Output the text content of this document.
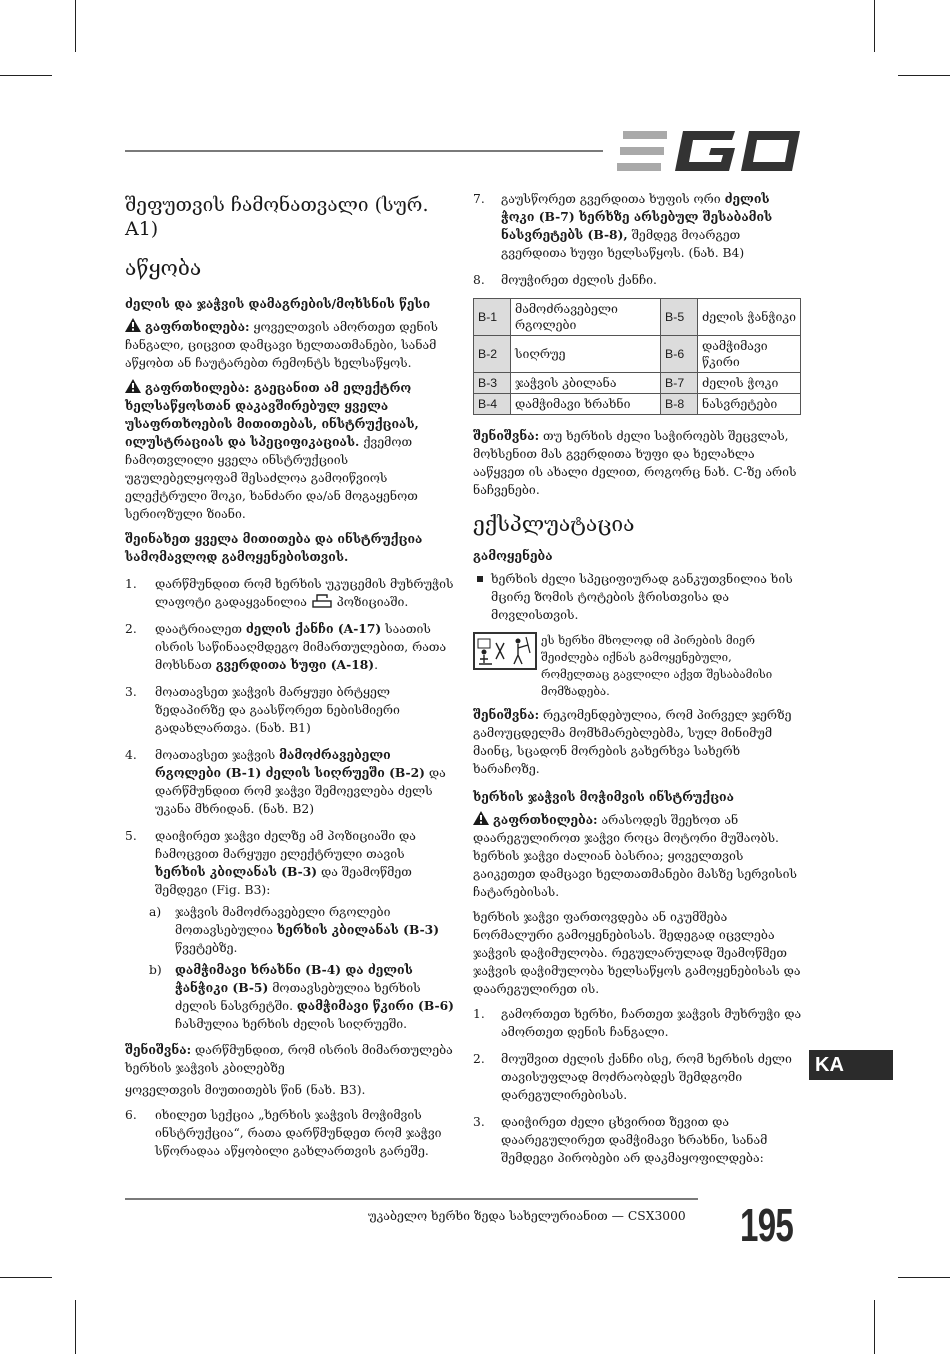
შეფუთვის ჩამონათვალი (სურ. A1)
აწყობა
ძელის და ჯაჭვის დამაგრების/მოხსნის წესი

გაფრთხილება: ყოველთვის ამორთეთ დენის ჩანგალი, ციცვით დამცავი ხელთათმანები, სანამ აწყობთ ან ჩაუტარებთ რემონტს ხელსაწყოს.

გაფრთხილება: გაეცანით ამ ელექტრო ხელსაწყოსთან დაკავშირებულ ყველა უსაფრთხოების მითითებას, ინსტრუქციას, ილუსტრაციას და სპეციფიკაციას. ქვემოთ ჩამოთვლილი ყველა ინსტრუქციის უგულებელყოფამ შესაძლოა გამოიწვიოს ელექტრული შოკი, ხანძარი და/ან მოგაყენოთ სერიოზული ზიანი.

შეინახეთ ყველა მითითება და ინსტრუქცია სამომავლოდ გამოყენებისთვის.

1. დარწმუნდით რომ ხერხის უკუცემის მუხრუჭის ლაფოტი გადაყვანილია  პოზიციაში.
2. დაატრიალეთ ძელის ქანჩი (A-17) საათის ისრის საწინააღმდეგო მიმართულებით, რათა მოხსნათ გვერდითა ხუფი (A-18).
3. მოათავსეთ ჯაჭვის მარყუჟი ბრტყელ ზედაპირზე და გაასწორეთ ნებისმიერი გადახლართვა. (ნახ. B1)
4. მოათავსეთ ჯაჭვის მამოძრავებელი რგოლები (B-1) ძელის სიღრუეში (B-2) და დარწმუნდით რომ ჯაჭვი შემოევლება ძელს უკანა მხრიდან. (ნახ. B2)
5. დაიჭირეთ ჯაჭვი ძელზე ამ პოზიციაში და ჩამოცვით მარყუჟი ელექტრული თავის ხერხის კბილანას (B-3) და შეამოწმეთ შემდეგი (Fig. B3):
a) ჯაჭვის მამოძრავებელი რგოლები მოთავსებულია ხერხის კბილანას (B-3) წვეტებზე.
b) დამჭიმავი ხრახნი (B-4) და ძელის ჭანჭიკი (B-5) მოთავსებულია ხერხის ძელის ნასვრეტში. დამჭიმავი წკირი (B-6) ჩასმულია ხერხის ძელის სიღრუეში.

შენიშვნა: დარწმუნდით, რომ ისრის მიმართულება ხერხის ჯაჭვის კბილებზე

ყოველთვის მიუთითებს წინ (ნახ. B3).

6. იხილეთ სექცია „ხერხის ჯაჭვის მოჭიმვის ინსტრუქცია“, რათა დარწმუნდეთ რომ ჯაჭვი სწორადაა აწყობილი გახლართვის გარეშე.
7. გაუსწორეთ გვერდითა ხუფის ორი ძელის ჭოკი (B-7) ხერხზე არსებულ შესაბამის ნასვრეტებს (B-8), შემდეგ მოარგეთ გვერდითა ხუფი ხელსაწყოს. (ნახ. B4)
8. მოუჭირეთ ძელის ქანჩი.
B-1	მამოძრავებელი რგოლები	B-5	ძელის ჭანჭიკი
B-2	სიღრუე	B-6	დამჭიმავი წკირი
B-3	ჯაჭვის კბილანა	B-7	ძელის ჭოკი
B-4	დამჭიმავი ხრახნი	B-8	ნასვრეტები

შენიშვნა: თუ ხერხის ძელი საჭიროებს შეცვლას, მოხსენით მას გვერდითა ხუფი და ხელახლა ააწყვეთ ის ახალი ძელით, როგორც ნახ. C-ზე არის ნაჩვენები.

ექსპლუატაცია
გამოყენება
ხერხის ძელი სპეციფიურად განკუთვნილია ხის მცირე ზომის ტოტების ჭრისთვისა და მოვლისთვის.
ეს ხერხი მხოლოდ იმ პირების მიერ შეიძლება იქნას გამოყენებული, რომელთაც გავლილი აქვთ შესაბამისი მომზადება.

შენიშვნა: რეკომენდებულია, რომ პირველ ჯერზე გამოუცდელმა მომხმარებლებმა, სულ მინიმუმ მაინც, სცადონ მორების გახერხვა სახერხ ხარაჩოზე.

ხერხის ჯაჭვის მოჭიმვის ინსტრუქცია

გაფრთხილება: არასოდეს შეეხოთ ან დაარეგულიროთ ჯაჭვი როცა მოტორი მუშაობს. ხერხის ჯაჭვი ძალიან ბასრია; ყოველთვის გაიკეთეთ დამცავი ხელთათმანები მასზე სერვისის ჩატარებისას.

ხერხის ჯაჭვი ფართოვდება ან იკუმშება ნორმალური გამოყენებისას. შედეგად იცვლება ჯაჭვის დაჭიმულობა. რეგულარულად შეამოწმეთ ჯაჭვის დაჭიმულობა ხელსაწყოს გამოყენებისას და დაარეგულირეთ ის.

1. გამორთეთ ხერხი, ჩართეთ ჯაჭვის მუხრუჭი და ამორთეთ დენის ჩანგალი.
2. მოუშვით ძელის ქანჩი ისე, რომ ხერხის ძელი თავისუფლად მოძრაობდეს შემდგომი დარეგულირებისას.
3. დაიჭირეთ ძელი ცხვირით ზევით და დაარეგულირეთ დამჭიმავი ხრახნი, სანამ შემდეგი პირობები არ დაკმაყოფილდება:
KA
უკაბელო ხერხი ზედა სახელურიანით — CSX3000 195
